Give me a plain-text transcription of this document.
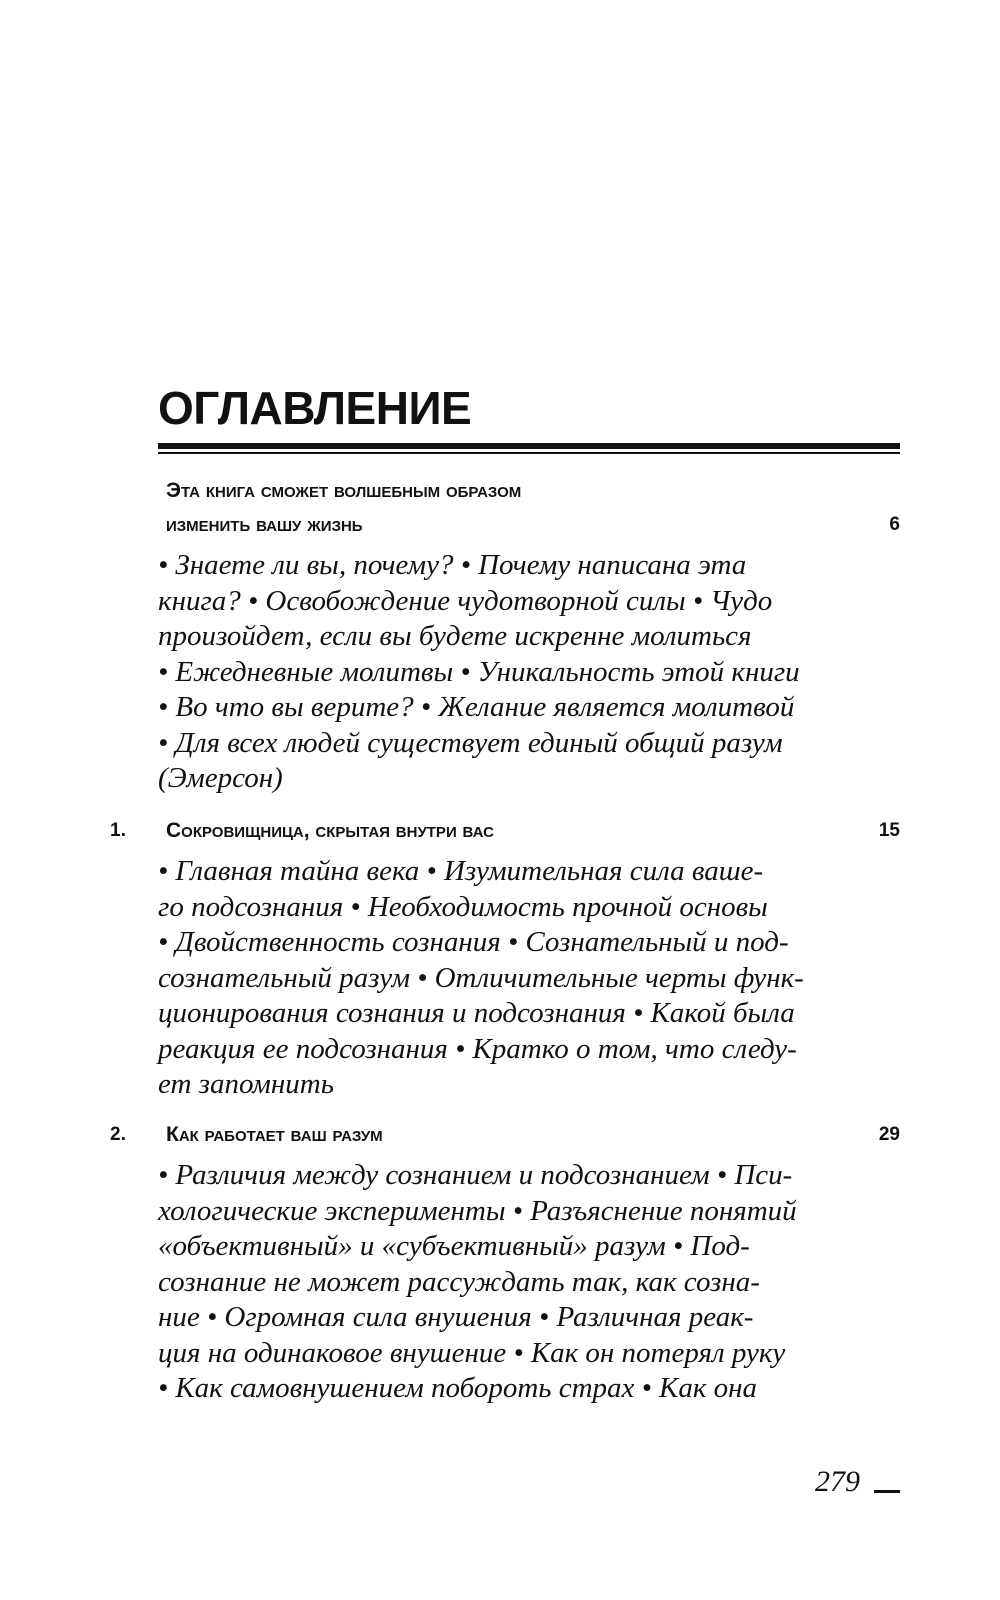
ОГЛАВЛЕНИЕ
Эта книга сможет волшебным образом
изменить вашу жизнь	6
• Знаете ли вы, почему? • Почему написана эта
книга? • Освобождение чудотворной силы • Чудо
произойдет, если вы будете искренне молиться
• Ежедневные молитвы • Уникальность этой книги
• Во что вы верите? • Желание является молитвой
• Для всех людей существует единый общий разум
(Эмерсон)
1. Сокровищница, скрытая внутри вас	15
• Главная тайна века • Изумительная сила ваше-
го подсознания • Необходимость прочной основы
• Двойственность сознания • Сознательный и под-
сознательный разум • Отличительные черты функ-
ционирования сознания и подсознания • Какой была
реакция ее подсознания • Кратко о том, что следу-
ет запомнить
2. Как работает ваш разум	29
• Различия между сознанием и подсознанием • Пси-
хологические эксперименты • Разъяснение понятий
«объективный» и «субъективный» разум • Под-
сознание не может рассуждать так, как созна-
ние • Огромная сила внушения • Различная реак-
ция на одинаковое внушение • Как он потерял руку
• Как самовнушением побороть страх • Как она
279
